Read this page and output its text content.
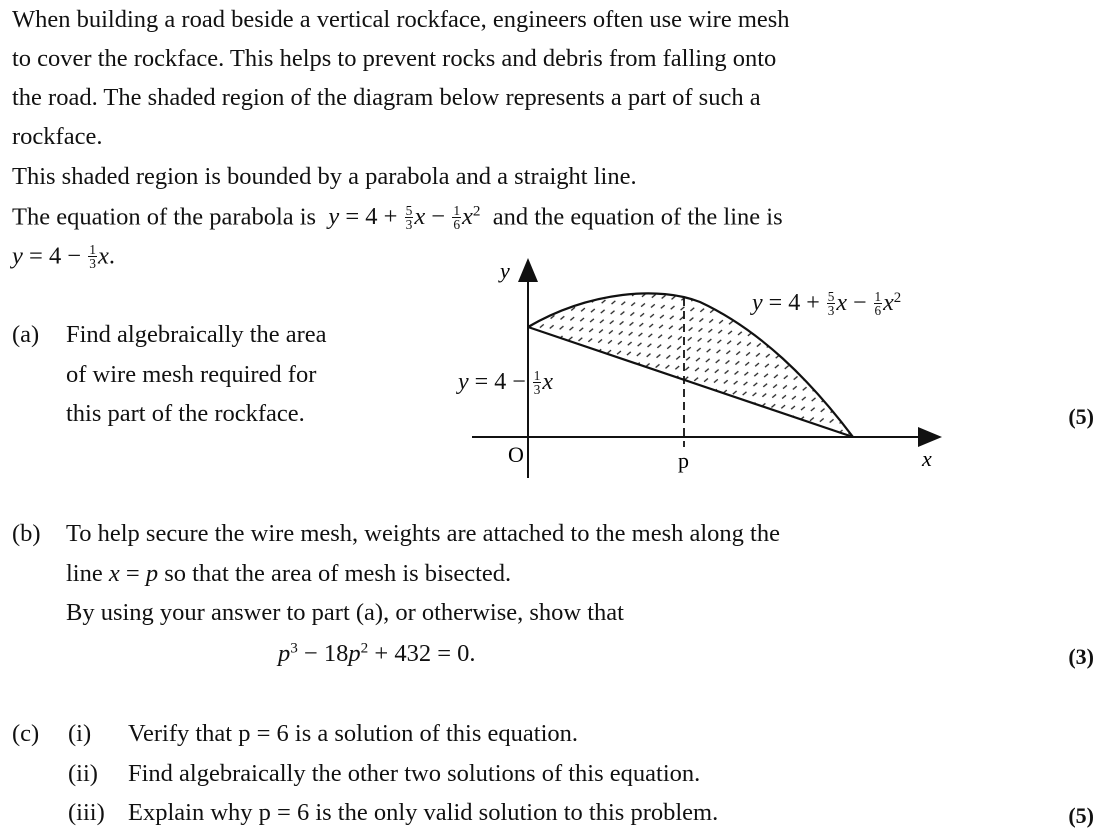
When building a road beside a vertical rockface, engineers often use wire mesh
to cover the rockface. This helps to prevent rocks and debris from falling onto
the road. The shaded region of the diagram below represents a part of such a
rockface.
This shaded region is bounded by a parabola and a straight line.
The equation of the parabola is $y = 4 + \frac{5}{3}$ $x - \frac{1}{6} x^2$ and the equation of the line is
$y = 4 - \frac{1}{3} x$.
(a) Find algebraically the area
of wire mesh required for
this part of the rockface.	(5)
y
x
O	p
$y = 4 + \frac{5}{3}$ $x - \frac{1}{6} x^2$
$y = 4 - \frac{1}{3}$ x
(b) To help secure the wire mesh, weights are attached to the mesh along the
line x = p so that the area of mesh is bisected.
By using your answer to part (a), or otherwise, show that
$p^3 - 18p^2 + 432 = 0$.	(3)
(c) (i) Verify that p = 6 is a solution of this equation.
(ii) Find algebraically the other two solutions of this equation.
(iii) Explain why p = 6 is the only valid solution to this problem.	(5)
